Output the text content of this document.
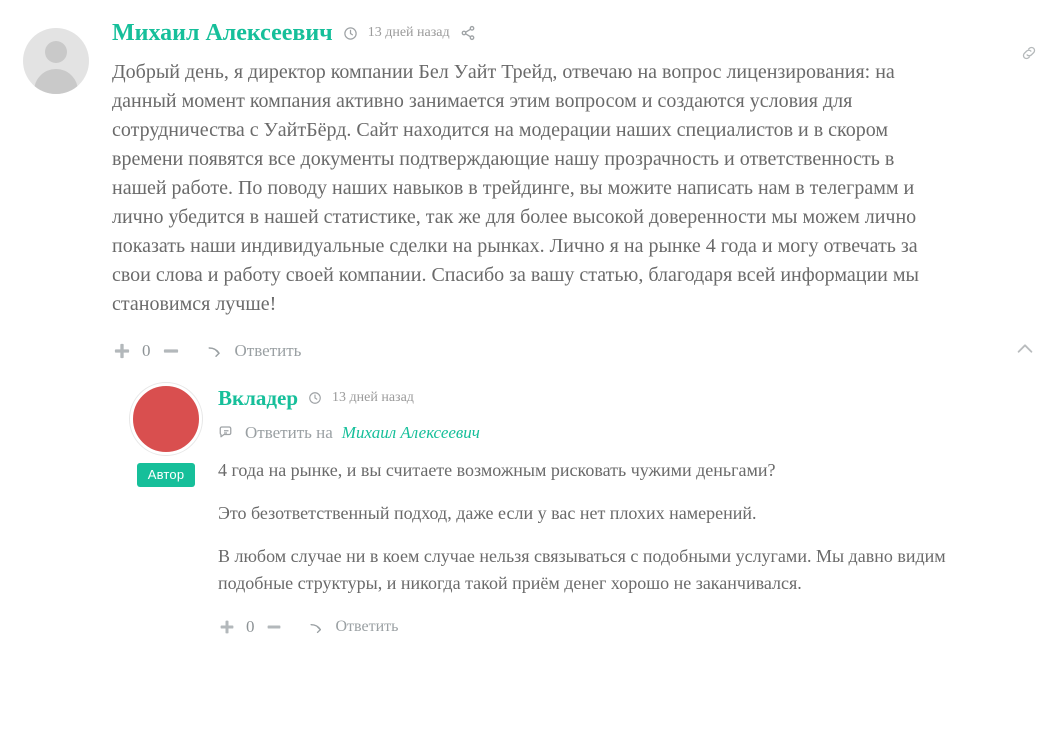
Михаил Алексеевич	13 дней назад
Добрый день, я директор компании Бел Уайт Трейд, отвечаю на вопрос лицензирования: на данный момент компания активно занимается этим вопросом и создаются условия для сотрудничества с УайтБёрд. Сайт находится на модерации наших специалистов и в скором времени появятся все документы подтверждающие нашу прозрачность и ответственность в нашей работе. По поводу наших навыков в трейдинге, вы можите написать нам в телеграмм и лично убедится в нашей статистике, так же для более высокой доверенности мы можем лично показать наши индивидуальные сделки на рынках. Лично я на рынке 4 года и могу отвечать за свои слова и работу своей компании. Спасибо за вашу статью, благодаря всей информации мы становимся лучше!
0	Ответить
Автор
Вкладер 13 дней назад
Ответить на Михаил Алексеевич
4 года на рынке, и вы считаете возможным рисковать чужими деньгами?
Это безответственный подход, даже если у вас нет плохих намерений.
В любом случае ни в коем случае нельзя связываться с подобными услугами. Мы давно видим подобные структуры, и никогда такой приём денег хорошо не заканчивался.
0	Ответить
